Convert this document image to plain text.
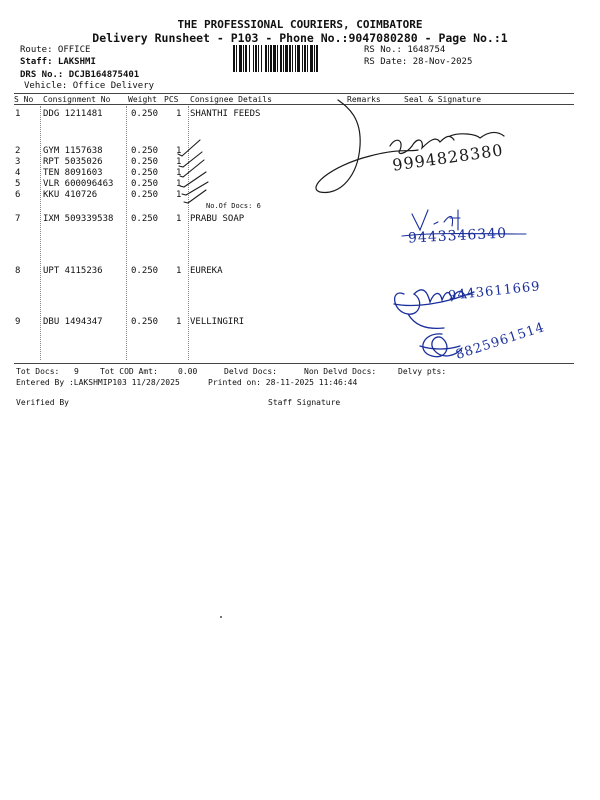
THE PROFESSIONAL COURIERS, COIMBATORE
Delivery Runsheet - P103 - Phone No.:9047080280 - Page No.:1
Route: OFFICE
Staff: LAKSHMI
DRS No.: DCJB164875401
Vehicle: Office Delivery
RS No.: 1648754
RS Date: 28-Nov-2025
S No Consignment No Weight PCS Consignee Details	Remarks	Seal & Signature
1	DDG 1211481	0.250 1 SHANTHI FEEDS
2	GYM 1157638	0.250 1
3	RPT 5035026	0.250 1
4	TEN 8091603	0.250 1
5	VLR 600096463 0.250 1
6	KKU 410726	0.250 1
No.Of Docs: 6
7	IXM 509339538 0.250 1 PRABU SOAP
8	UPT 4115236	0.250 1 EUREKA
9	DBU 1494347	0.250 1 VELLINGIRI
9994828380
9443346340
9443611669
8825961514
Tot Docs: 9	Tot COD Amt:	0.00	Delvd Docs:	Non Delvd Docs:	Delvy pts:
Entered By :LAKSHMIP103 11/28/2025	Printed on: 28-11-2025 11:46:44
Verified By	Staff Signature
